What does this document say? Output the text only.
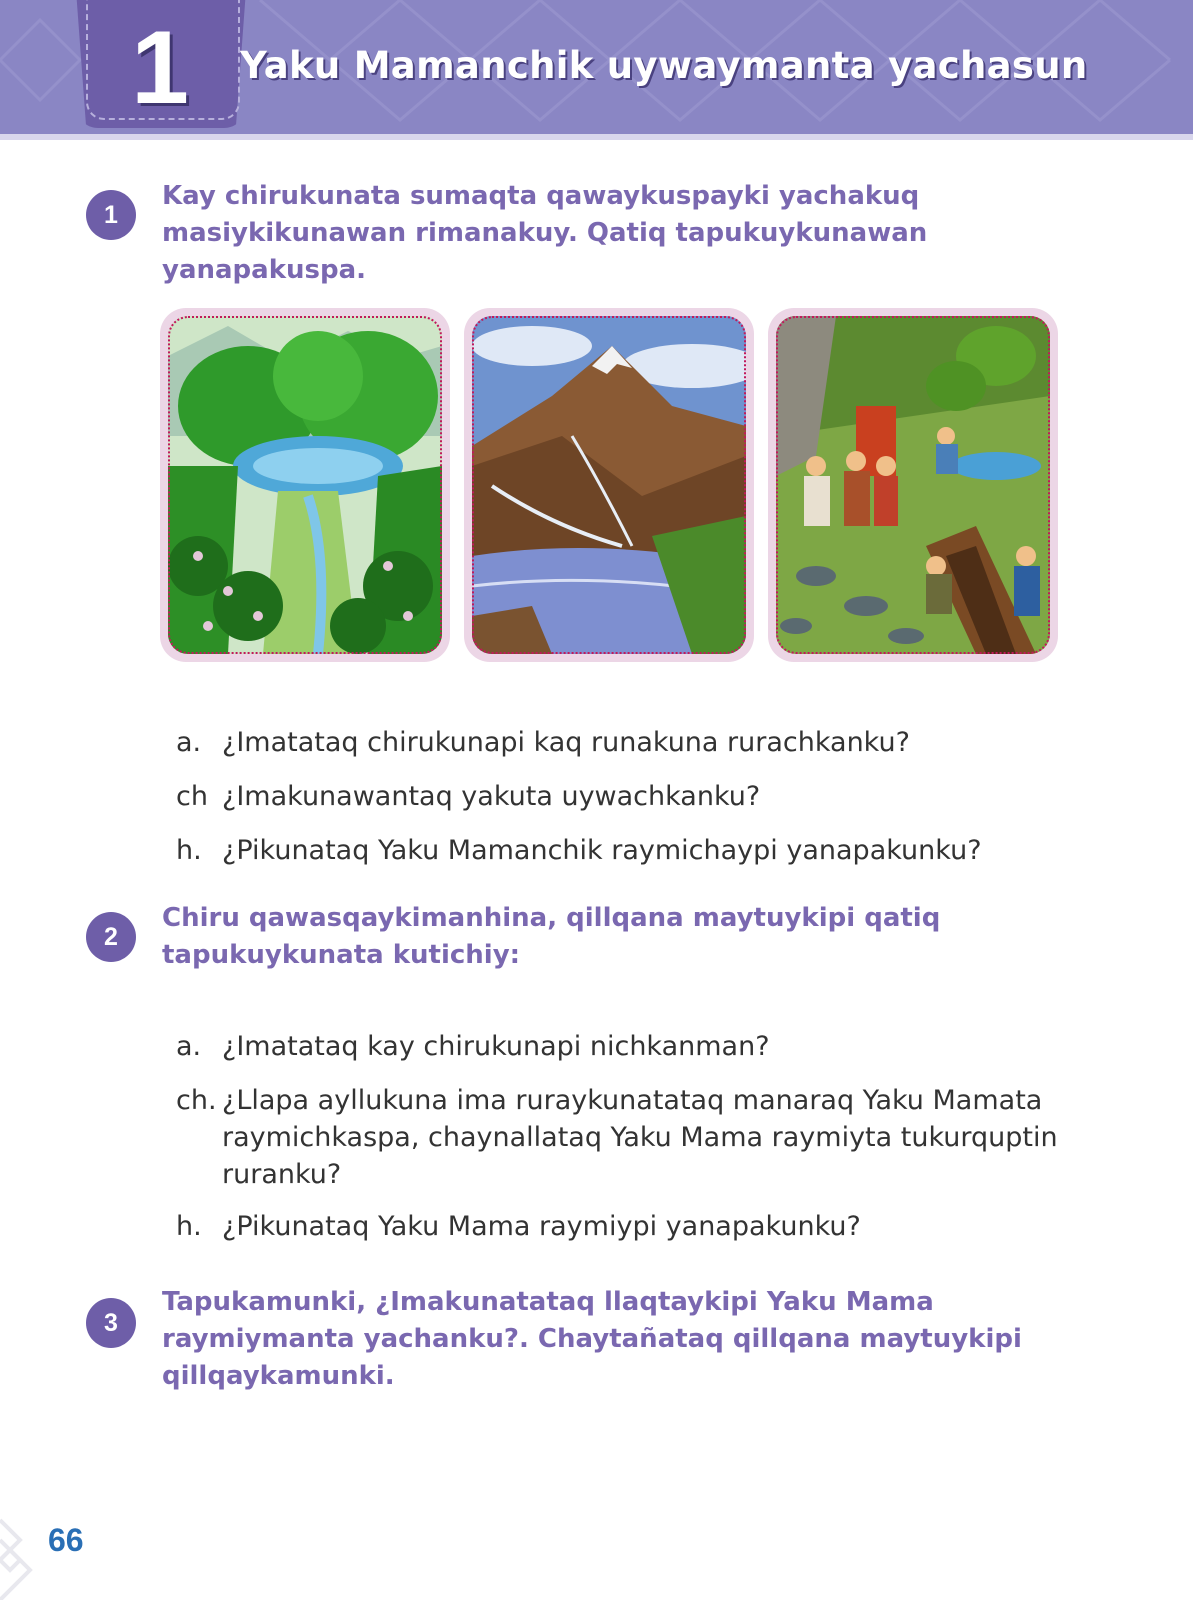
1	Yaku Mamanchik uywaymanta yachasun
1
Kay chirukunata sumaqta qawaykuspayki yachakuq
masiykikunawan rimanakuy. Qatiq tapukuykunawan
yanapakuspa.
a. ¿Imatataq chirukunapi kaq runakuna rurachkanku?
ch ¿Imakunawantaq yakuta uywachkanku?
h. ¿Pikunataq Yaku Mamanchik raymichaypi yanapakunku?
2
Chiru qawasqaykimanhina, qillqana maytuykipi qatiq
tapukuykunata kutichiy:
a. ¿Imatataq kay chirukunapi nichkanman?
ch. ¿Llapa ayllukuna ima ruraykunatataq manaraq Yaku Mamata
raymichkaspa, chaynallataq Yaku Mama raymiyta tukurquptin
ruranku?
h. ¿Pikunataq Yaku Mama raymiypi yanapakunku?
3
Tapukamunki, ¿Imakunatataq llaqtaykipi Yaku Mama
raymiymanta yachanku?. Chaytañataq qillqana maytuykipi
qillqaykamunki.
66
